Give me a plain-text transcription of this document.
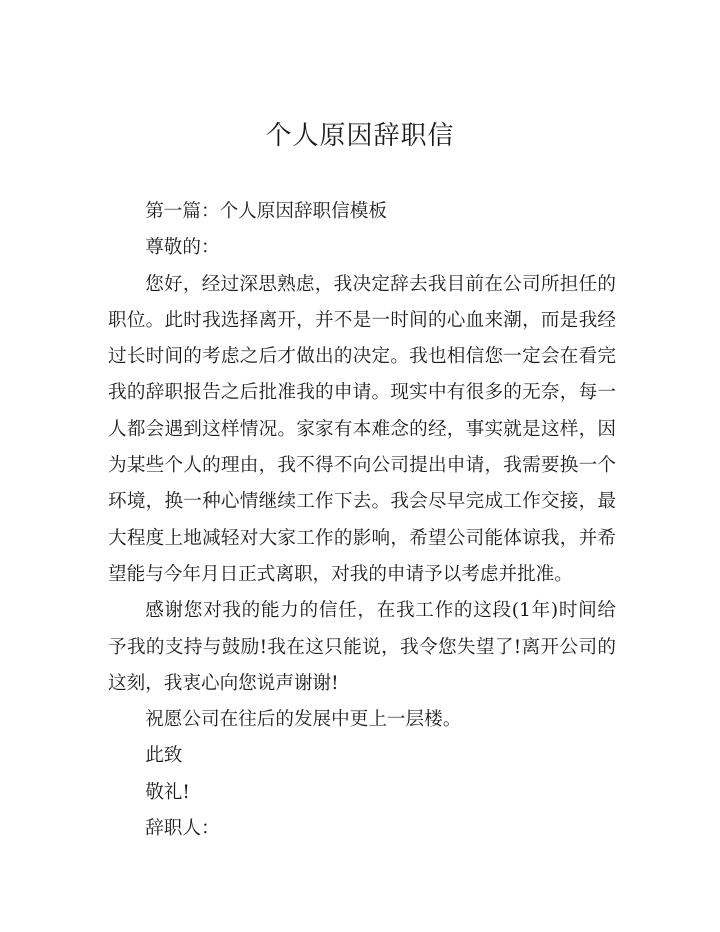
个人原因辞职信

第一篇：个人原因辞职信模板

尊敬的：

您好，经过深思熟虑，我决定辞去我目前在公司所担任的职位。此时我选择离开，并不是一时间的心血来潮，而是我经过长时间的考虑之后才做出的决定。我也相信您一定会在看完我的辞职报告之后批准我的申请。现实中有很多的无奈，每一人都会遇到这样情况。家家有本难念的经，事实就是这样，因为某些个人的理由，我不得不向公司提出申请，我需要换一个环境，换一种心情继续工作下去。我会尽早完成工作交接，最大程度上地减轻对大家工作的影响，希望公司能体谅我，并希望能与今年月日正式离职，对我的申请予以考虑并批准。

感谢您对我的能力的信任，在我工作的这段(1年)时间给予我的支持与鼓励!我在这只能说，我令您失望了!离开公司的这刻，我衷心向您说声谢谢!

祝愿公司在往后的发展中更上一层楼。

此致

敬礼!

辞职人：
